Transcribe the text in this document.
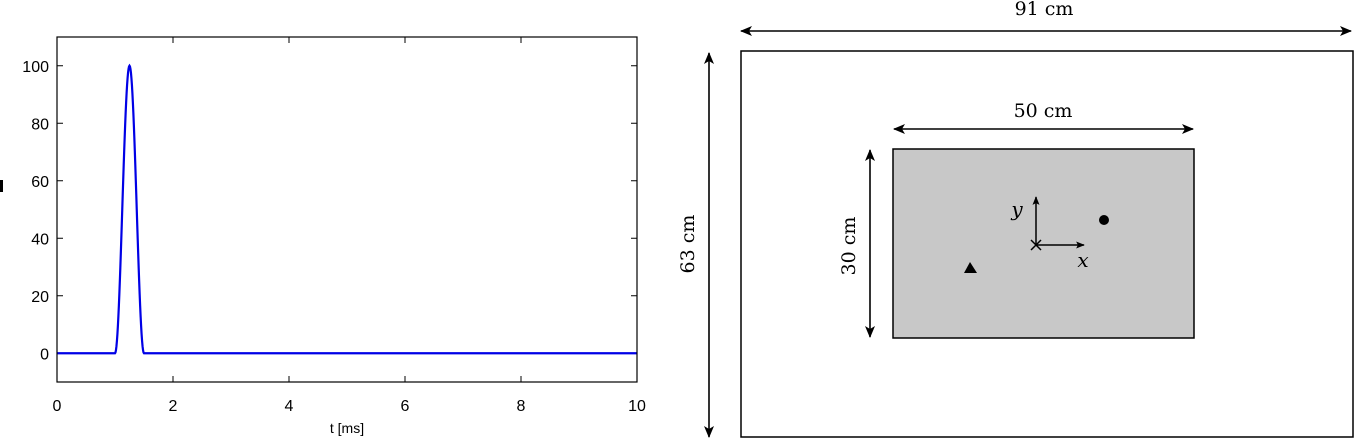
0
20
40
60
80
100
0	2	4	6	8	10
t [ms]
91 cm
63 cm
50 cm
30 cm	x
y
